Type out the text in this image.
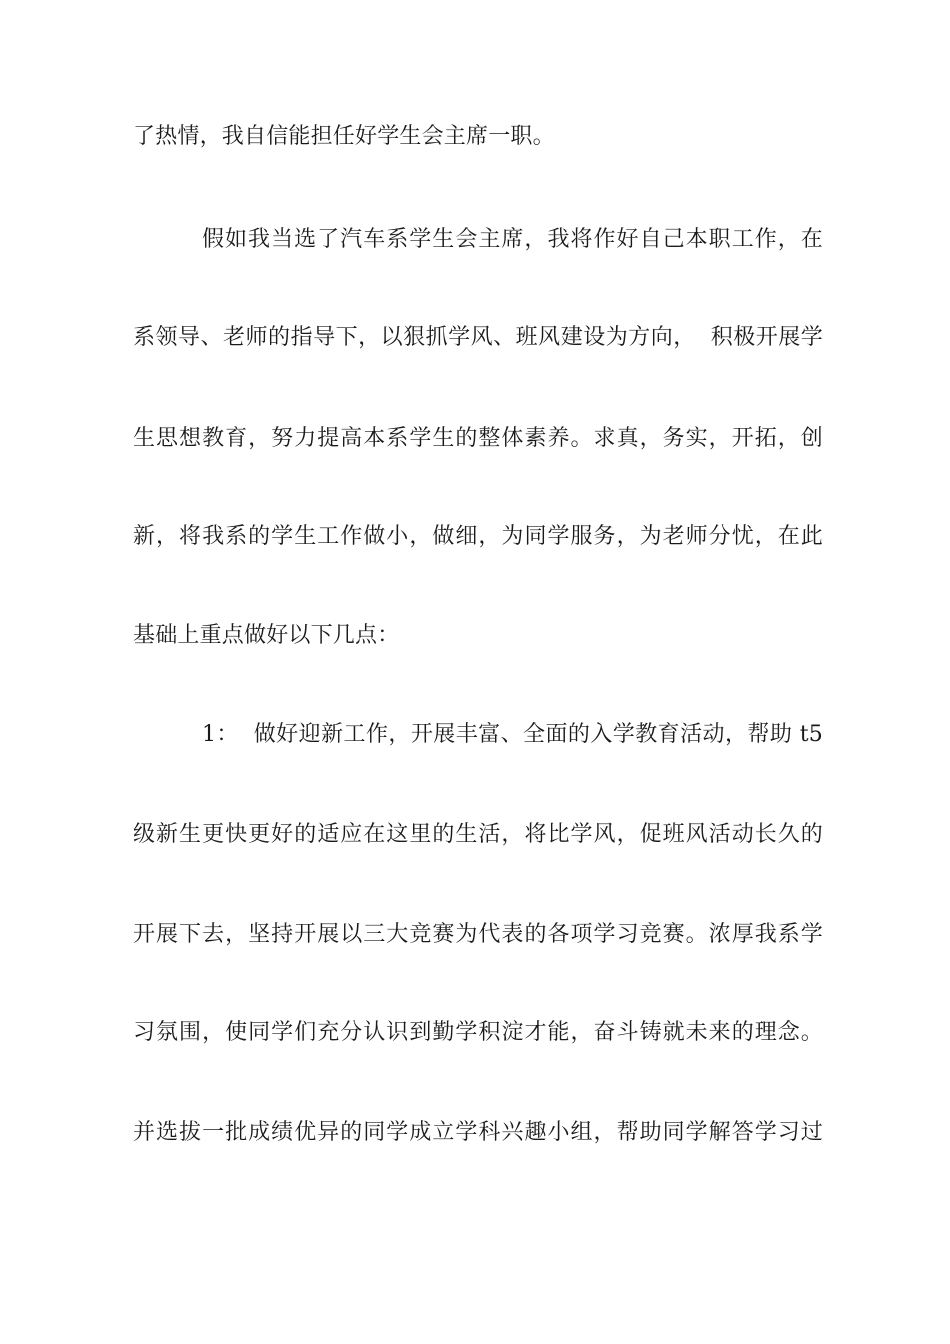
了热情，我自信能担任好学生会主席一职。
假如我当选了汽车系学生会主席，我将作好自己本职工作，在
系领导、老师的指导下，以狠抓学风、班风建设为方向，  积极开展学
生思想教育，努力提高本系学生的整体素养。求真，务实，开拓，创
新，将我系的学生工作做小，做细，为同学服务，为老师分忧，在此
基础上重点做好以下几点：
1：  做好迎新工作，开展丰富、全面的入学教育活动，帮助 t5
级新生更快更好的适应在这里的生活，将比学风，促班风活动长久的
开展下去，坚持开展以三大竞赛为代表的各项学习竞赛。浓厚我系学
习氛围，使同学们充分认识到勤学积淀才能，奋斗铸就未来的理念。
并选拔一批成绩优异的同学成立学科兴趣小组，帮助同学解答学习过
